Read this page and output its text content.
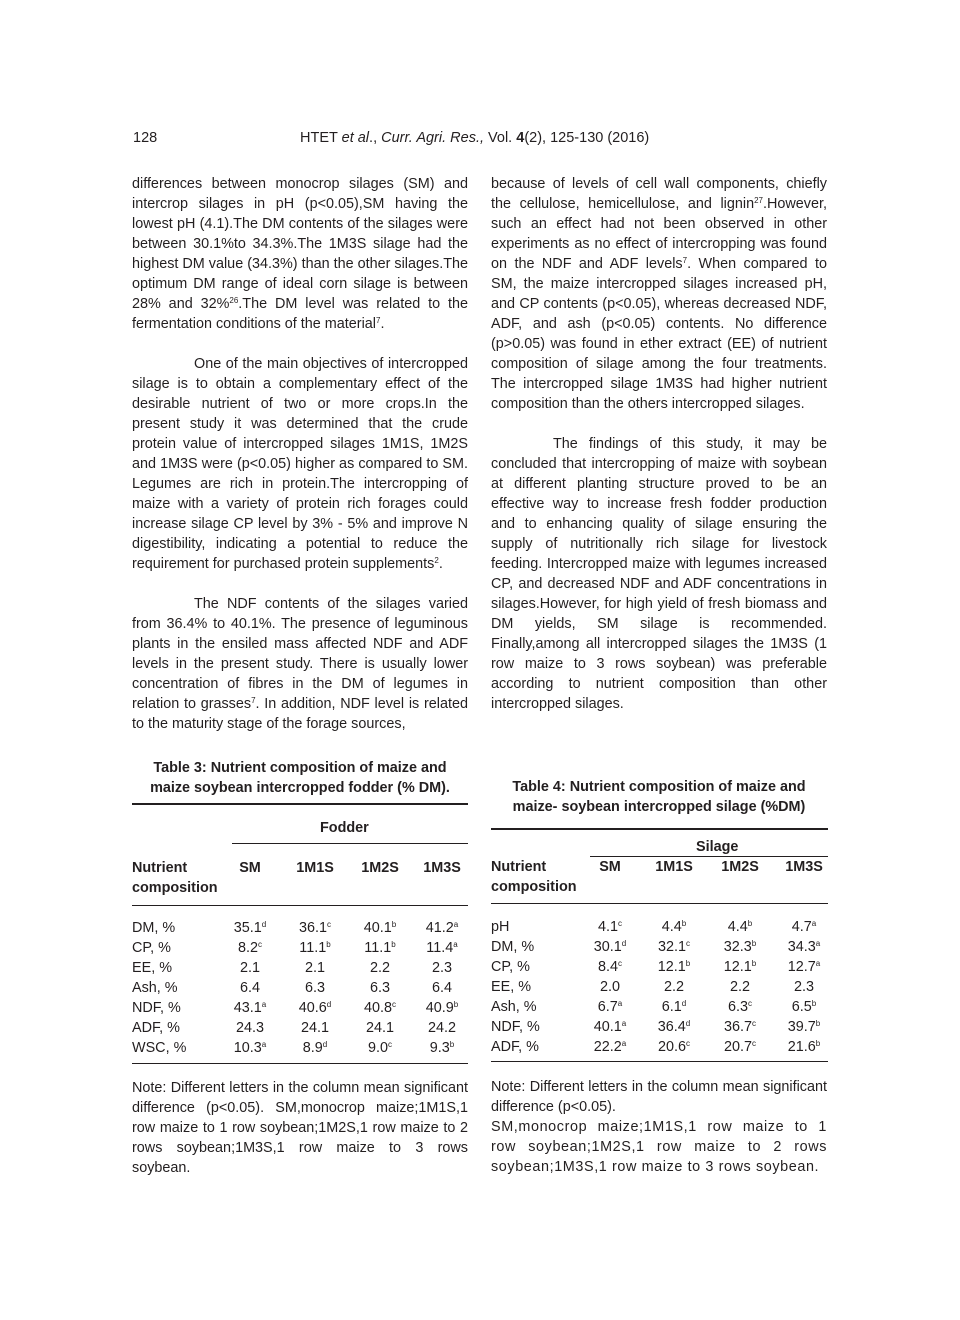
128	HTET et al., Curr. Agri. Res., Vol. 4(2), 125-130 (2016)

differences between monocrop silages (SM) and intercrop silages in pH (p<0.05),SM having the lowest pH (4.1).The DM contents of the silages were between 30.1%to 34.3%.The 1M3S silage had the highest DM value (34.3%) than the other silages.The optimum DM range of ideal corn silage is between 28% and 32%$^{26}$.The DM level was related to the fermentation conditions of the material$^7$.

One of the main objectives of intercropped silage is to obtain a complementary effect of the desirable nutrient of two or more crops.In the present study it was determined that the crude protein value of intercropped silages 1M1S, 1M2S and 1M3S were (p<0.05) higher as compared to SM. Legumes are rich in protein.The intercropping of maize with a variety of protein rich forages could increase silage CP level by 3% - 5% and improve N digestibility, indicating a potential to reduce the requirement for purchased protein supplements$^2$.

The NDF contents of the silages varied from 36.4% to 40.1%. The presence of leguminous plants in the ensiled mass affected NDF and ADF levels in the present study. There is usually lower concentration of fibres in the DM of legumes in relation to grasses$^7$. In addition, NDF level is related to the maturity stage of the forage sources,

because of levels of cell wall components, chiefly the cellulose, hemicellulose, and lignin$^{27}$.However, such an effect had not been observed in other experiments as no effect of intercropping was found on the NDF and ADF levels$^7$. When compared to SM, the maize intercropped silages increased pH, and CP contents (p<0.05), whereas decreased NDF, ADF, and ash (p<0.05) contents. No difference (p>0.05) was found in ether extract (EE) of nutrient composition of silage among the four treatments. The intercropped silage 1M3S had higher nutrient composition than the others intercropped silages.

The findings of this study, it may be concluded that intercropping of maize with soybean at different planting structure proved to be an effective way to increase fresh fodder production and to enhancing quality of silage ensuring the supply of nutritionally rich silage for livestock feeding. Intercropped maize with legumes increased CP, and decreased NDF and ADF concentrations in silages.However, for high yield of fresh biomass and DM yields, SM silage is recommended. Finally,among all intercropped silages the 1M3S (1 row maize to 3 rows soybean) was preferable according to nutrient composition than other intercropped silages.

Table 3: Nutrient composition of maize and
maize soybean intercropped fodder (% DM).
Fodder
Nutrient
composition
SM	1M1S	1M2S	1M3S
DM, %	35.1$^d$	36.1$^c$	40.1$^b$	41.2$^a$
CP, %	8.2$^c$	11.1$^b$	11.1$^b$	11.4$^a$
EE, %	2.1	2.1	2.2	2.3
Ash, %	6.4	6.3	6.3	6.4
NDF, %	43.1$^a$	40.6$^d$	40.8$^c$	40.9$^b$
ADF, %	24.3	24.1	24.1	24.2
WSC, %	10.3$^a$	8.9$^d$	9.0$^c$	9.3$^b$
Note: Different letters in the column mean significant difference (p<0.05). SM,monocrop maize;1M1S,1 row maize to 1 row soybean;1M2S,1 row maize to 2 rows soybean;1M3S,1 row maize to 3 rows soybean.
Table 4: Nutrient composition of maize and
maize- soybean intercropped silage (%DM)
Silage
Nutrient
composition
SM	1M1S	1M2S	1M3S
pH	4.1$^c$	4.4$^b$	4.4$^b$	4.7$^a$
DM, %	30.1$^d$	32.1$^c$	32.3$^b$	34.3$^a$
CP, %	8.4$^c$	12.1$^b$	12.1$^b$	12.7$^a$
EE, %	2.0	2.2	2.2	2.3
Ash, %	6.7$^a$	6.1$^d$	6.3$^c$	6.5$^b$
NDF, %	40.1$^a$	36.4$^d$	36.7$^c$	39.7$^b$
ADF, %	22.2$^a$	20.6$^c$	20.7$^c$	21.6$^b$

Note: Different letters in the column mean significant difference (p<0.05).

SM,monocrop maize;1M1S,1 row maize to 1 row soybean;1M2S,1 row maize to 2 rows soybean;1M3S,1 row maize to 3 rows soybean.
